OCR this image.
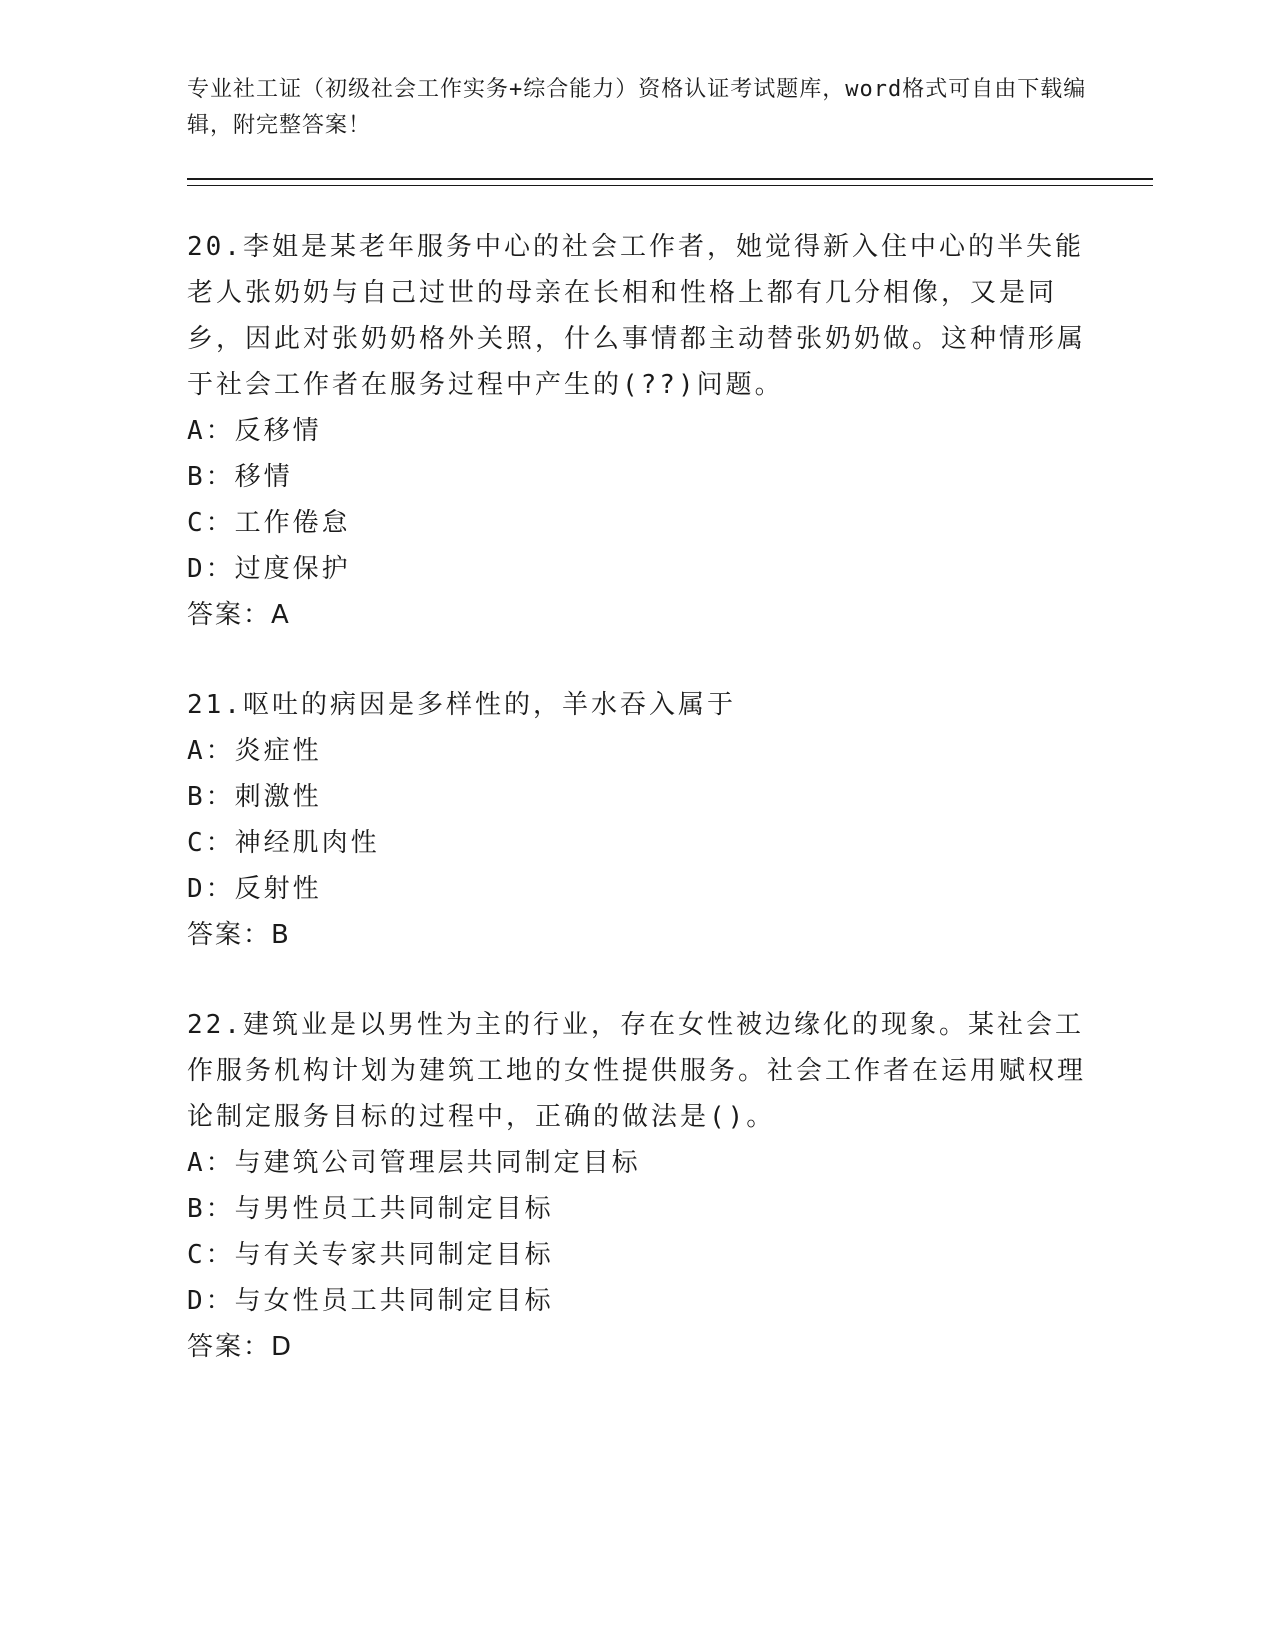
专业社工证（初级社会工作实务+综合能力）资格认证考试题库，word格式可自由下载编辑，附完整答案！
20.李姐是某老年服务中心的社会工作者，她觉得新入住中心的半失能老人张奶奶与自己过世的母亲在长相和性格上都有几分相像，又是同乡，因此对张奶奶格外关照，什么事情都主动替张奶奶做。这种情形属于社会工作者在服务过程中产生的(??)问题。
A：反移情
B：移情
C：工作倦怠
D：过度保护
答案：A
21.呕吐的病因是多样性的，羊水吞入属于
A：炎症性
B：刺激性
C：神经肌肉性
D：反射性
答案：B
22.建筑业是以男性为主的行业，存在女性被边缘化的现象。某社会工作服务机构计划为建筑工地的女性提供服务。社会工作者在运用赋权理论制定服务目标的过程中，正确的做法是()。
A：与建筑公司管理层共同制定目标
B：与男性员工共同制定目标
C：与有关专家共同制定目标
D：与女性员工共同制定目标
答案：D
